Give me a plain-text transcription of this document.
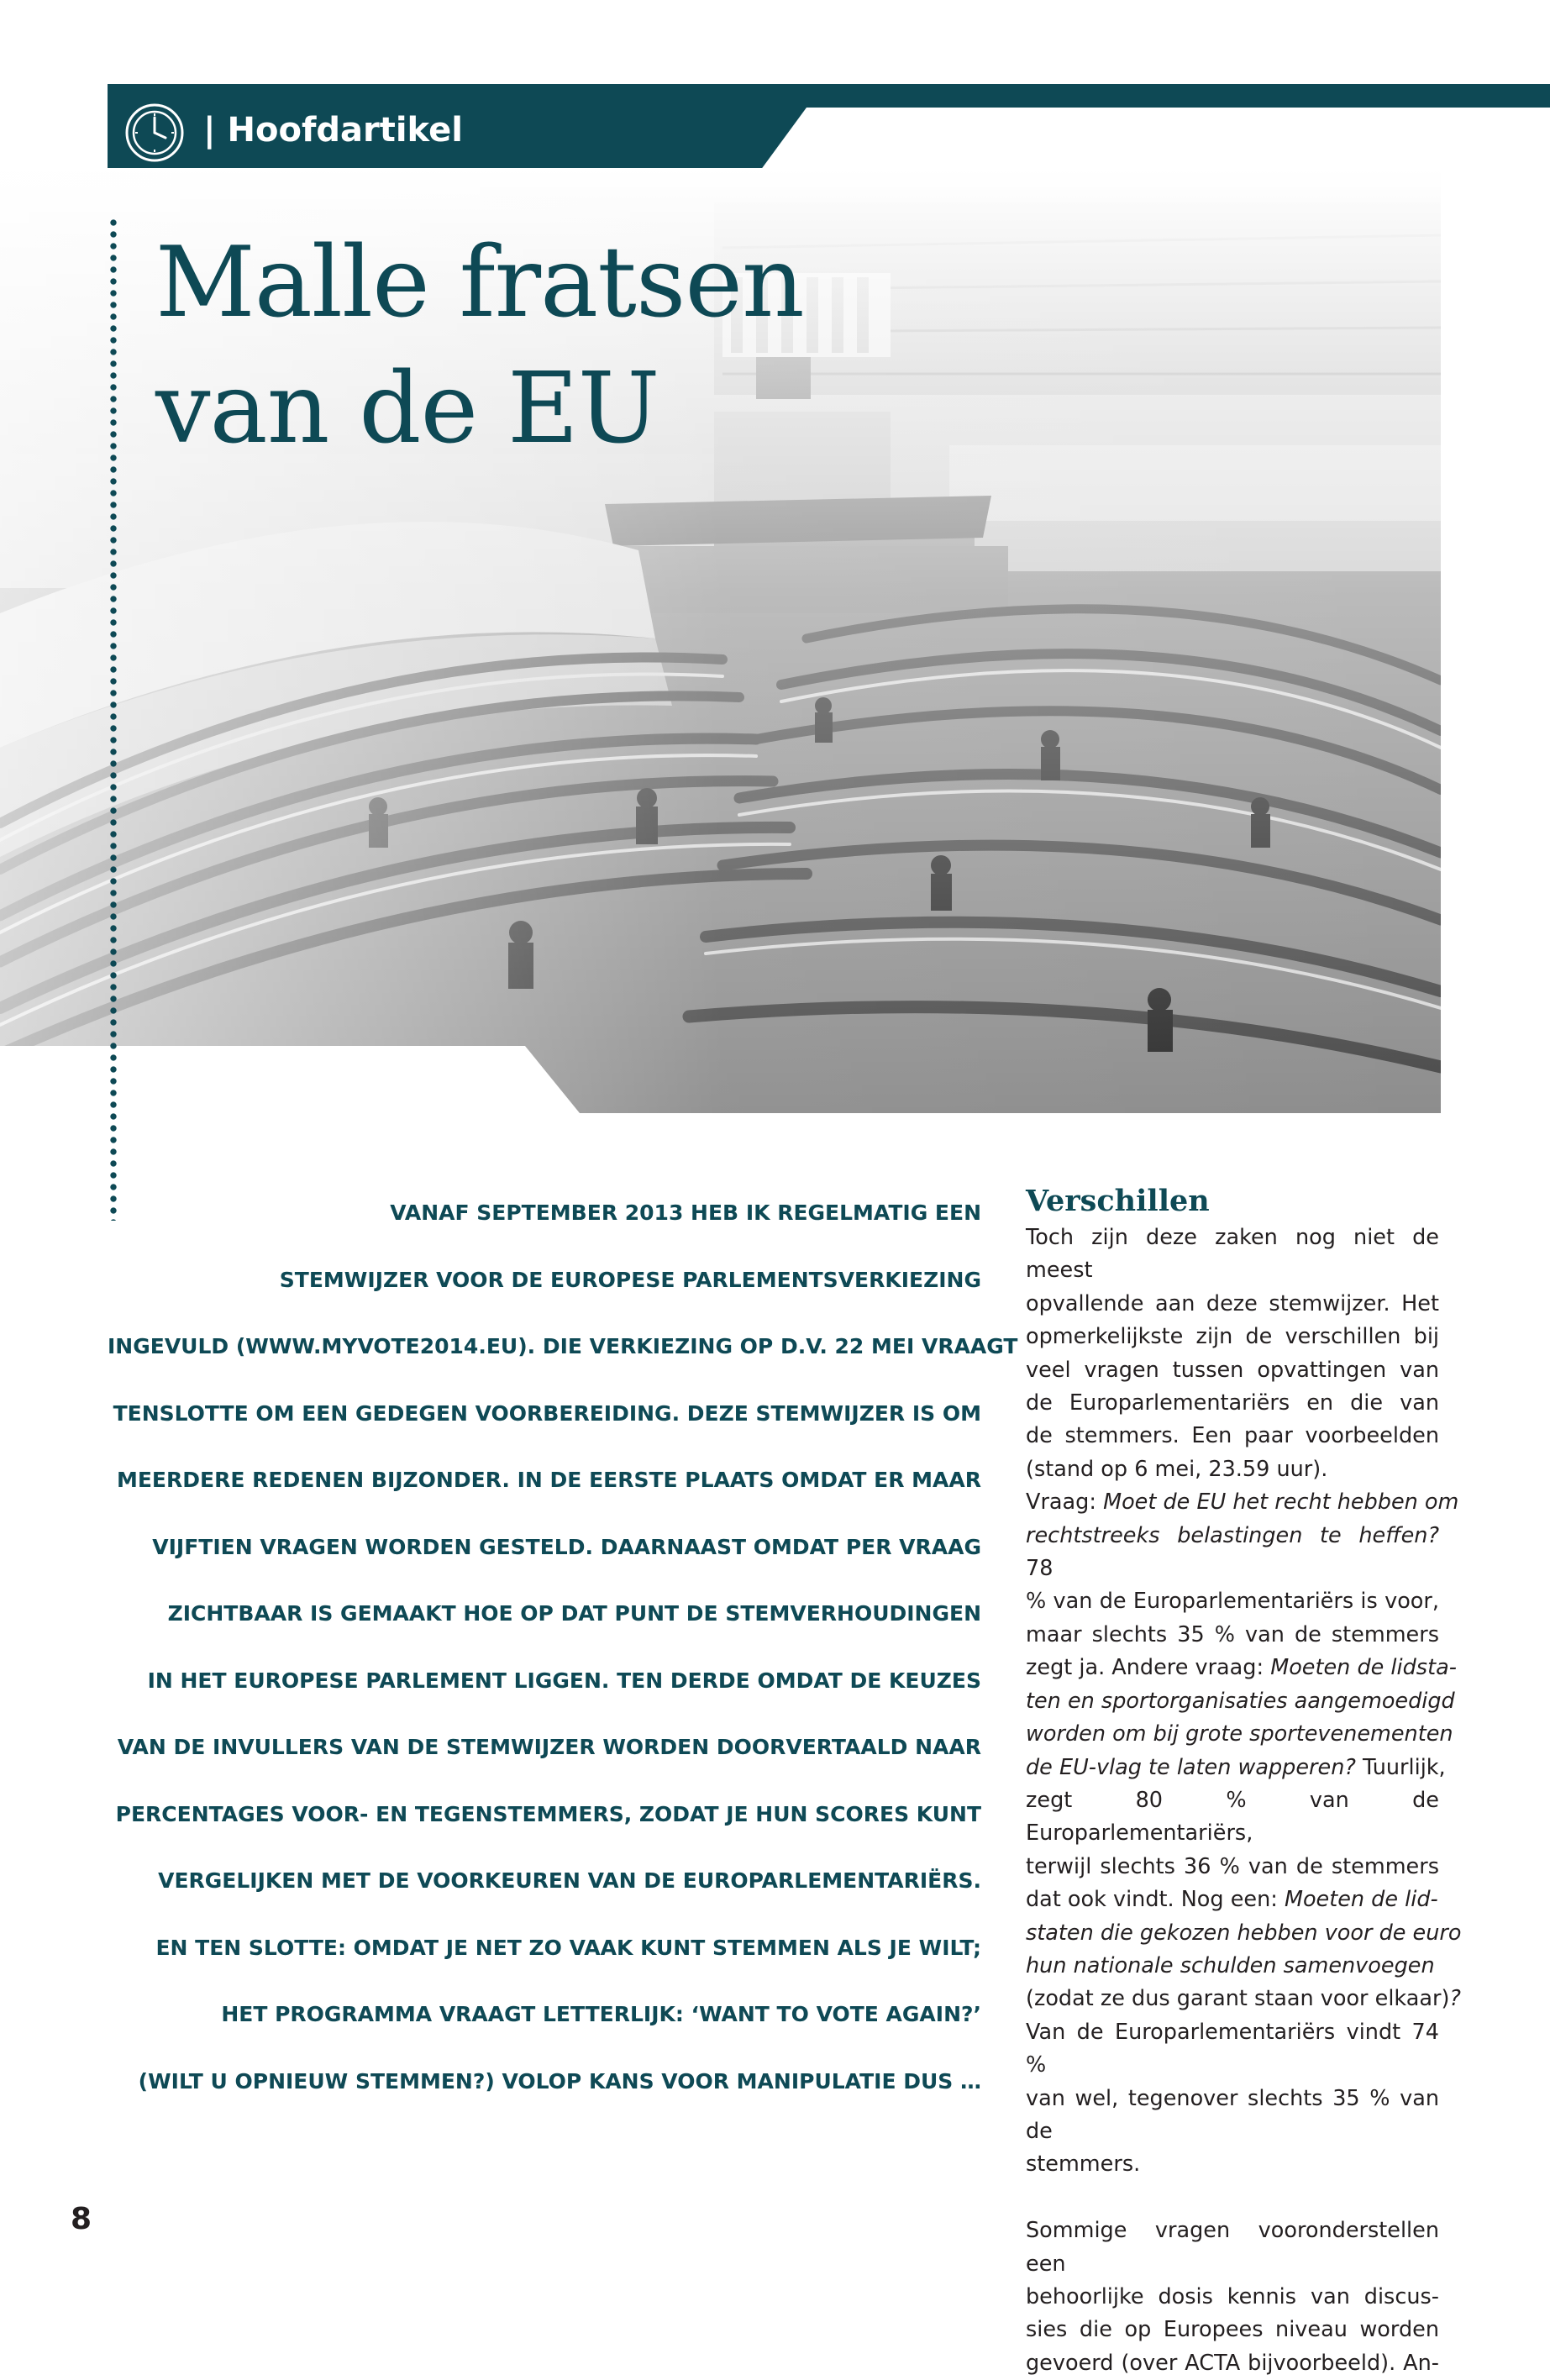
| Hoofdartikel
Malle fratsen
van de EU
VANAF SEPTEMBER 2013 HEB IK REGELMATIG EEN
STEMWIJZER VOOR DE EUROPESE PARLEMENTSVERKIEZING
INGEVULD (WWW.MYVOTE2014.EU). DIE VERKIEZING OP D.V. 22 MEI VRAAGT
TENSLOTTE OM EEN GEDEGEN VOORBEREIDING. DEZE STEMWIJZER IS OM
MEERDERE REDENEN BIJZONDER. IN DE EERSTE PLAATS OMDAT ER MAAR
VIJFTIEN VRAGEN WORDEN GESTELD. DAARNAAST OMDAT PER VRAAG
ZICHTBAAR IS GEMAAKT HOE OP DAT PUNT DE STEMVERHOUDINGEN
IN HET EUROPESE PARLEMENT LIGGEN. TEN DERDE OMDAT DE KEUZES
VAN DE INVULLERS VAN DE STEMWIJZER WORDEN DOORVERTAALD NAAR
PERCENTAGES VOOR- EN TEGENSTEMMERS, ZODAT JE HUN SCORES KUNT
VERGELIJKEN MET DE VOORKEUREN VAN DE EUROPARLEMENTARIËRS.
EN TEN SLOTTE: OMDAT JE NET ZO VAAK KUNT STEMMEN ALS JE WILT;
HET PROGRAMMA VRAAGT LETTERLIJK: ‘WANT TO VOTE AGAIN?’
(WILT U OPNIEUW STEMMEN?) VOLOP KANS VOOR MANIPULATIE DUS …
Verschillen
Toch zijn deze zaken nog niet de meest
opvallende aan deze stemwijzer. Het
opmerkelijkste zijn de verschillen bij
veel vragen tussen opvattingen van
de Europarlementariërs en die van
de stemmers. Een paar voorbeelden
(stand op 6 mei, 23.59 uur).
Vraag: Moet de EU het recht hebben om
rechtstreeks belastingen te heffen? 78
% van de Europarlementariërs is voor,
maar slechts 35 % van de stemmers
zegt ja. Andere vraag: Moeten de lidsta-
ten en sportorganisaties aangemoedigd
worden om bij grote sportevenementen
de EU-vlag te laten wapperen? Tuurlijk,
zegt 80 % van de Europarlementariërs,
terwijl slechts 36 % van de stemmers
dat ook vindt. Nog een: Moeten de lid-
staten die gekozen hebben voor de euro
hun nationale schulden samenvoegen
(zodat ze dus garant staan voor elkaar)?
Van de Europarlementariërs vindt 74 %
van wel, tegenover slechts 35 % van de
stemmers.
Sommige vragen vooronderstellen een
behoorlijke dosis kennis van discus-
sies die op Europees niveau worden
gevoerd (over ACTA bijvoorbeeld). An-
8
